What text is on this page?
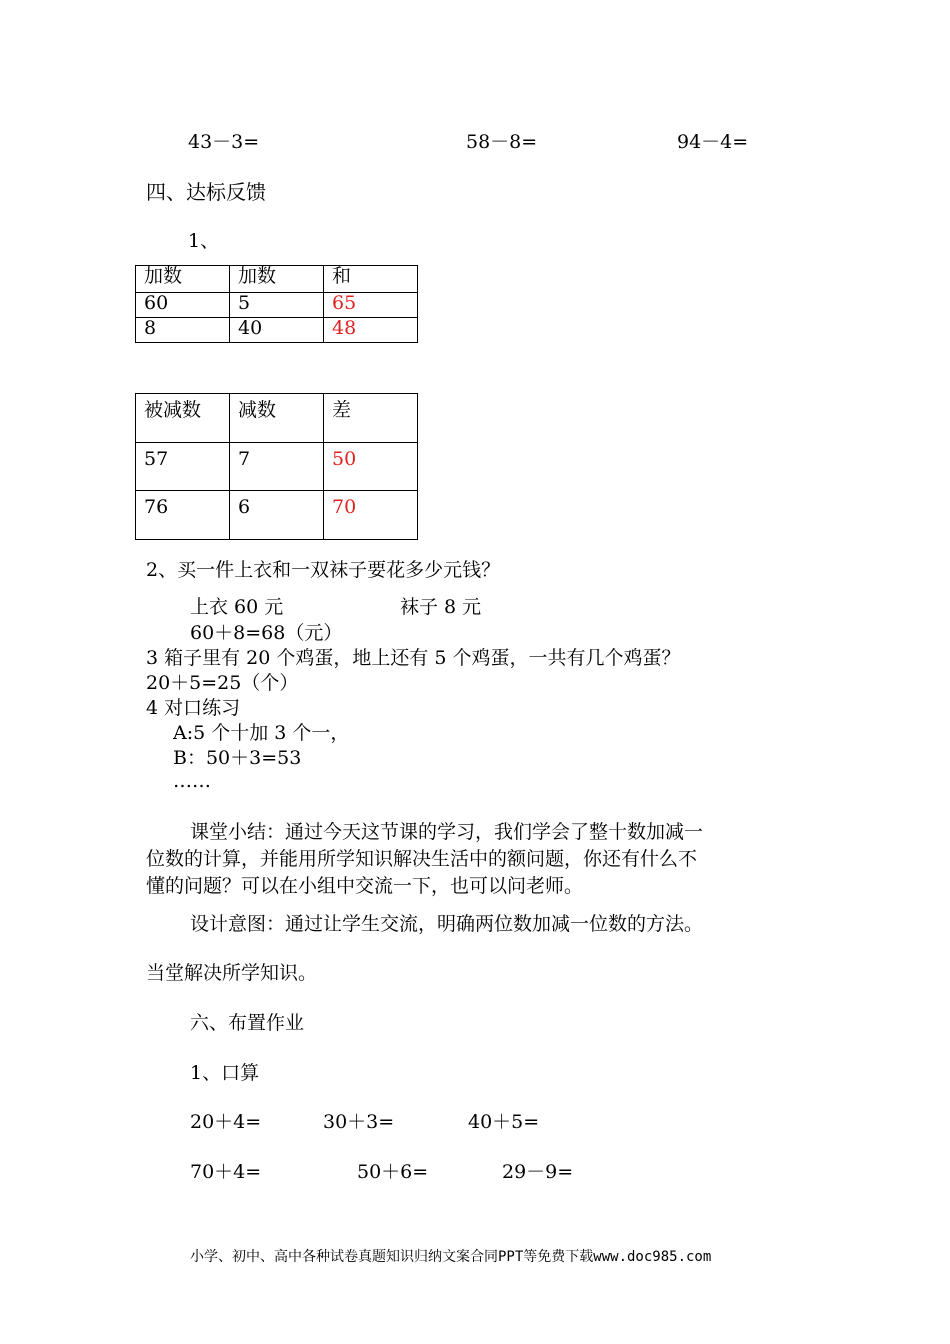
43－3=	58－8=	94－4=
四、达标反馈
1、
加数	加数	和
60	5	65
8	40	48
被减数	减数	差
57	7	50
76	6	70
2、买一件上衣和一双袜子要花多少元钱？
上衣 60 元	袜子 8 元
60＋8=68（元）
3 箱子里有 20 个鸡蛋，地上还有 5 个鸡蛋，一共有几个鸡蛋？
20＋5=25（个）
4 对口练习
A:5 个十加 3 个一，
B：50＋3=53
……
课堂小结：通过今天这节课的学习，我们学会了整十数加减一
位数的计算，并能用所学知识解决生活中的额问题，你还有什么不
懂的问题？可以在小组中交流一下，也可以问老师。
设计意图：通过让学生交流，明确两位数加减一位数的方法。
当堂解决所学知识。
六、布置作业
1、口算
20＋4=	30＋3=	40＋5=
70＋4=	50＋6=	29－9=
小学、初中、高中各种试卷真题知识归纳文案合同PPT等免费下载www.doc985.com
